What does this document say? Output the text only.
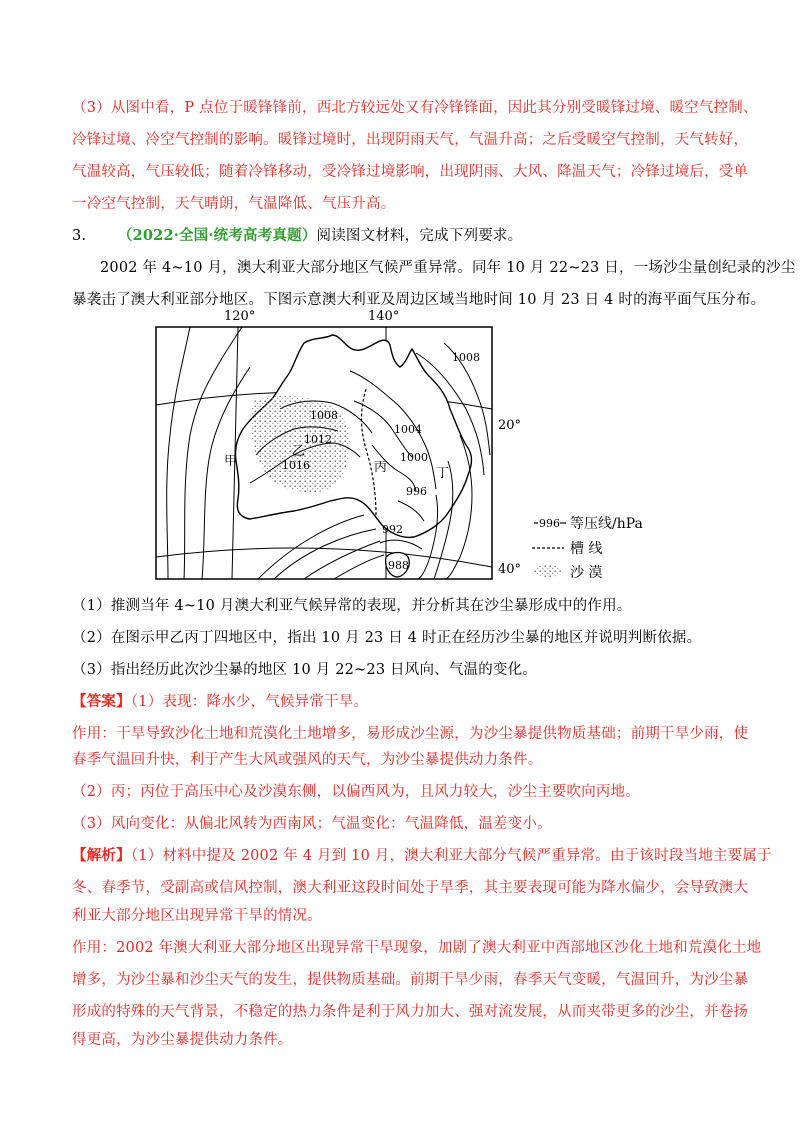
（3）从图中看，P 点位于暖锋锋前，西北方较远处又有冷锋锋面，因此其分别受暖锋过境、暖空气控制、
冷锋过境、冷空气控制的影响。暖锋过境时，出现阴雨天气，气温升高；之后受暖空气控制，天气转好，
气温较高，气压较低；随着冷锋移动，受冷锋过境影响，出现阴雨、大风、降温天气；冷锋过境后，受单
一冷空气控制，天气晴朗，气温降低、气压升高。
3. （2022·全国·统考高考真题）阅读图文材料，完成下列要求。
2002 年 4~10 月，澳大利亚大部分地区气候严重异常。同年 10 月 22~23 日，一场沙尘量创纪录的沙尘
暴袭击了澳大利亚部分地区。下图示意澳大利亚及周边区域当地时间 10 月 23 日 4 时的海平面气压分布。
120°	140°
20°
40°
1008
1008
1004
1012
1000
1016
996
992
988
甲
乙
丙	丁
996 等压线/hPa
槽 线
沙 漠
（1）推测当年 4~10 月澳大利亚气候异常的表现，并分析其在沙尘暴形成中的作用。
（2）在图示甲乙丙丁四地区中，指出 10 月 23 日 4 时正在经历沙尘暴的地区并说明判断依据。
（3）指出经历此次沙尘暴的地区 10 月 22~23 日风向、气温的变化。
【答案】（1）表现：降水少，气候异常干旱。
作用：干旱导致沙化土地和荒漠化土地增多，易形成沙尘源，为沙尘暴提供物质基础；前期干旱少雨，使
春季气温回升快，利于产生大风或强风的天气，为沙尘暴提供动力条件。
（2）丙；丙位于高压中心及沙漠东侧，以偏西风为，且风力较大，沙尘主要吹向丙地。
（3）风向变化：从偏北风转为西南风；气温变化：气温降低，温差变小。
【解析】（1）材料中提及 2002 年 4 月到 10 月，澳大利亚大部分气候严重异常。由于该时段当地主要属于
冬、春季节，受副高或信风控制，澳大利亚这段时间处于旱季，其主要表现可能为降水偏少，会导致澳大
利亚大部分地区出现异常干旱的情况。
作用：2002 年澳大利亚大部分地区出现异常干旱现象，加剧了澳大利亚中西部地区沙化土地和荒漠化土地
增多，为沙尘暴和沙尘天气的发生，提供物质基础。前期干旱少雨，春季天气变暖，气温回升，为沙尘暴
形成的特殊的天气背景，不稳定的热力条件是利于风力加大、强对流发展，从而夹带更多的沙尘，并卷扬
得更高，为沙尘暴提供动力条件。
